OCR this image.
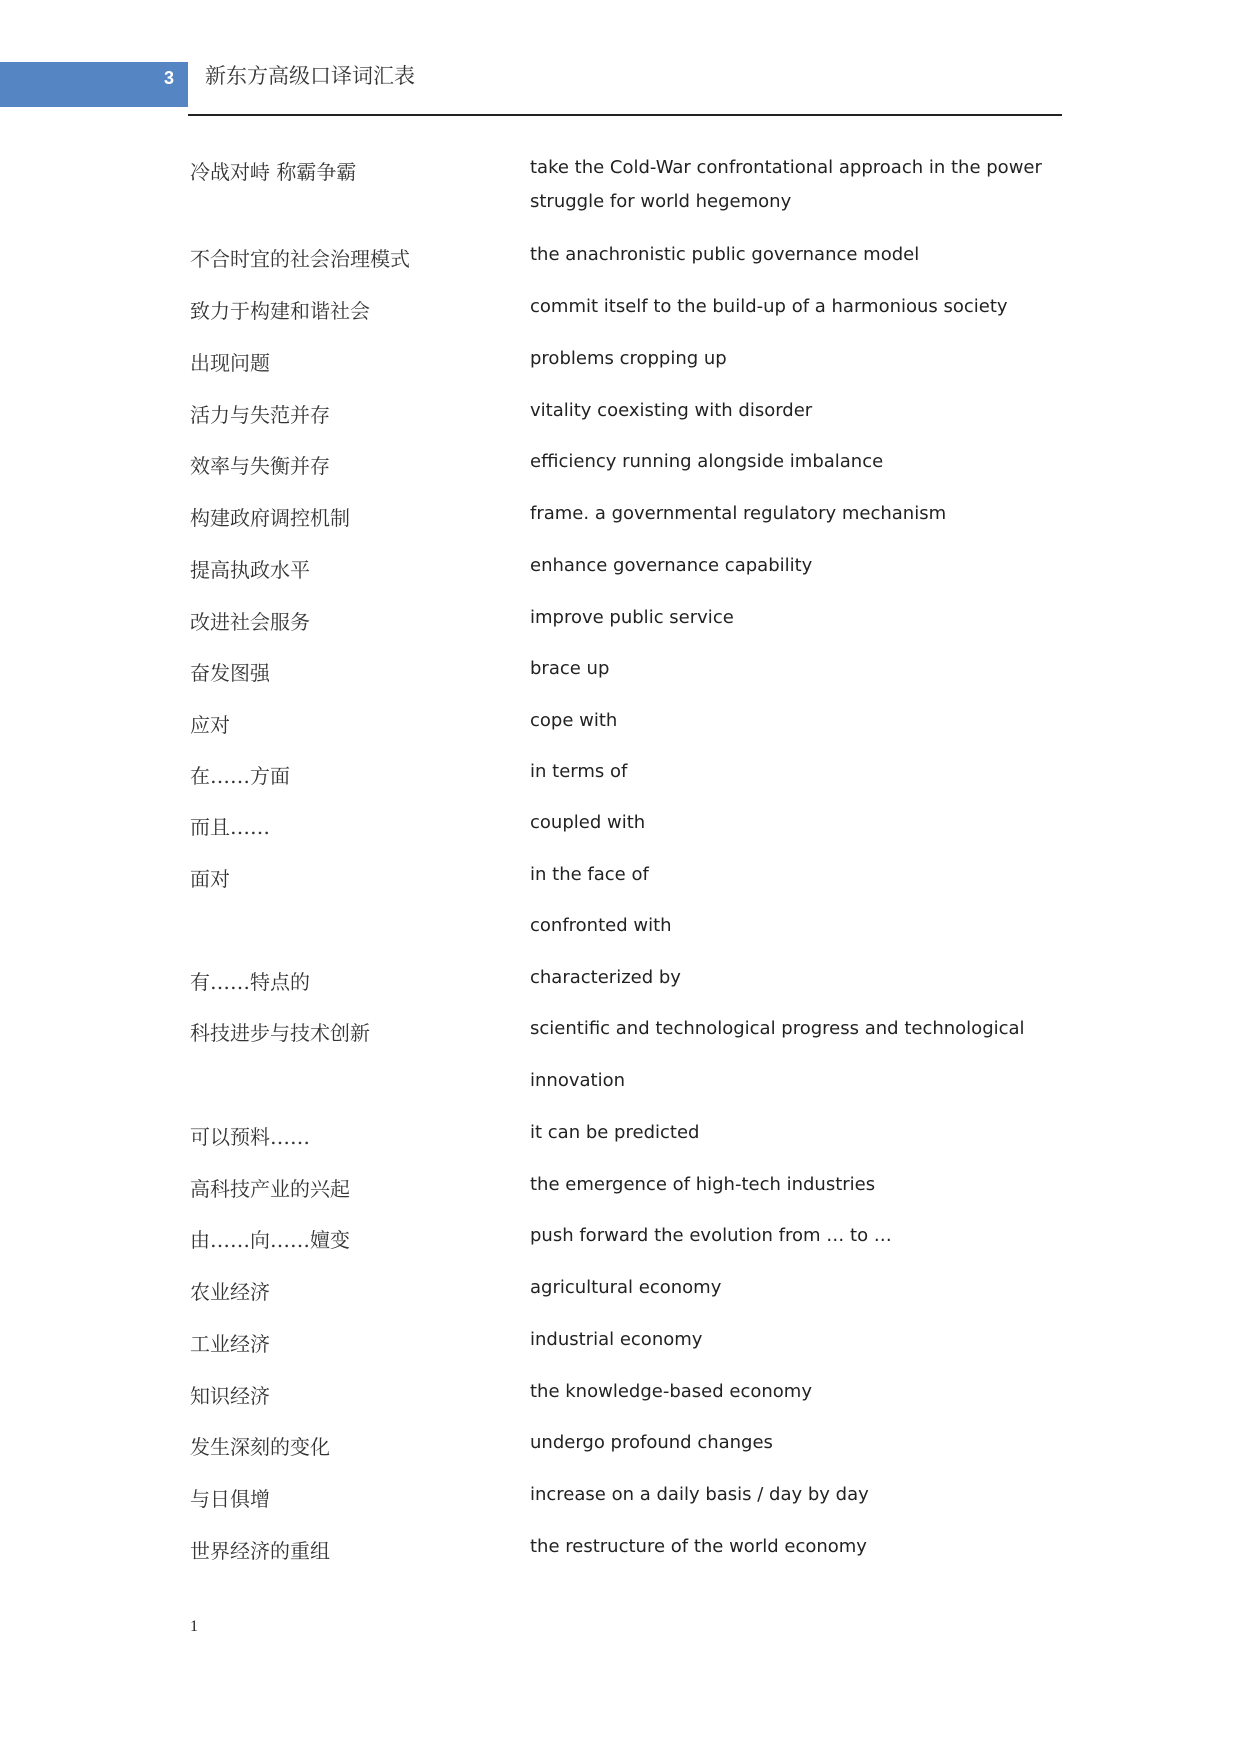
3 新东方高级口译词汇表
冷战对峙 称霸争霸	take the Cold-War confrontational approach in the power struggle for world hegemony
不合时宜的社会治理模式	the anachronistic public governance model
致力于构建和谐社会	commit itself to the build-up of a harmonious society
出现问题	problems cropping up
活力与失范并存	vitality coexisting with disorder
效率与失衡并存	efficiency running alongside imbalance
构建政府调控机制	frame. a governmental regulatory mechanism
提高执政水平	enhance governance capability
改进社会服务	improve public service
奋发图强	brace up
应对	cope with
在……方面	in terms of
而且……	coupled with
面对	in the face of
confronted with
有……特点的	characterized by
科技进步与技术创新	scientific and technological progress and technological
innovation
可以预料……	it can be predicted
高科技产业的兴起	the emergence of high-tech industries
由……向……嬗变	push forward the evolution from … to …
农业经济	agricultural economy
工业经济	industrial economy
知识经济	the knowledge-based economy
发生深刻的变化	undergo profound changes
与日俱增	increase on a daily basis / day by day
世界经济的重组	the restructure of the world economy
1
